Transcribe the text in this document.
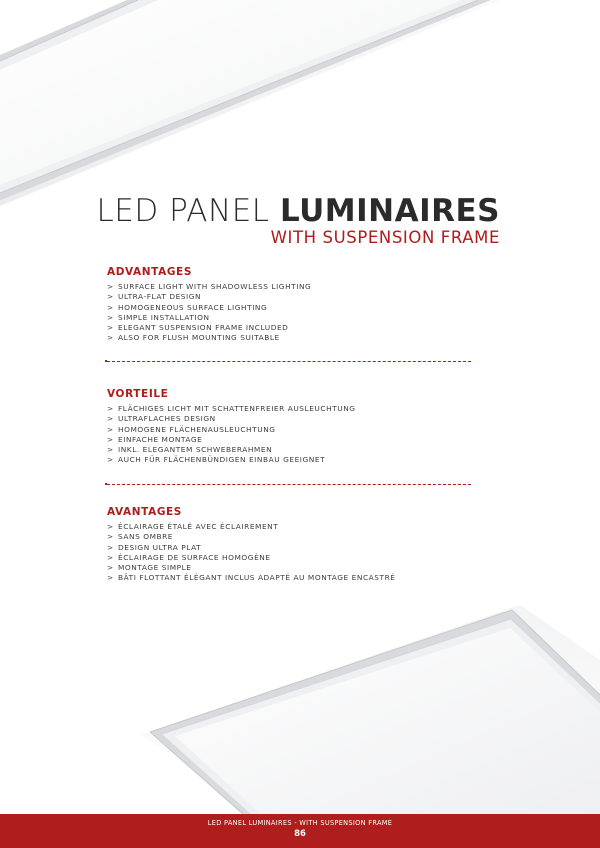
LED PANEL LUMINAIRES
WITH SUSPENSION FRAME
ADVANTAGES
> SURFACE LIGHT WITH SHADOWLESS LIGHTING
> ULTRA-FLAT DESIGN
> HOMOGENEOUS SURFACE LIGHTING
> SIMPLE INSTALLATION
> ELEGANT SUSPENSION FRAME INCLUDED
> ALSO FOR FLUSH MOUNTING SUITABLE
VORTEILE
> FLÄCHIGES LICHT MIT SCHATTENFREIER AUSLEUCHTUNG
> ULTRAFLACHES DESIGN
> HOMOGENE FLÄCHENAUSLEUCHTUNG
> EINFACHE MONTAGE
> INKL. ELEGANTEM SCHWEBERAHMEN
> AUCH FÜR FLÄCHENBÜNDIGEN EINBAU GEEIGNET
AVANTAGES
> ÉCLAIRAGE ÉTALÉ AVEC ÉCLAIREMENT
> SANS OMBRE
> DESIGN ULTRA PLAT
> ÉCLAIRAGE DE SURFACE HOMOGÈNE
> MONTAGE SIMPLE
> BÂTI FLOTTANT ÉLÉGANT INCLUS ADAPTÉ AU MONTAGE ENCASTRÉ
LED PANEL LUMINAIRES - WITH SUSPENSION FRAME
86
